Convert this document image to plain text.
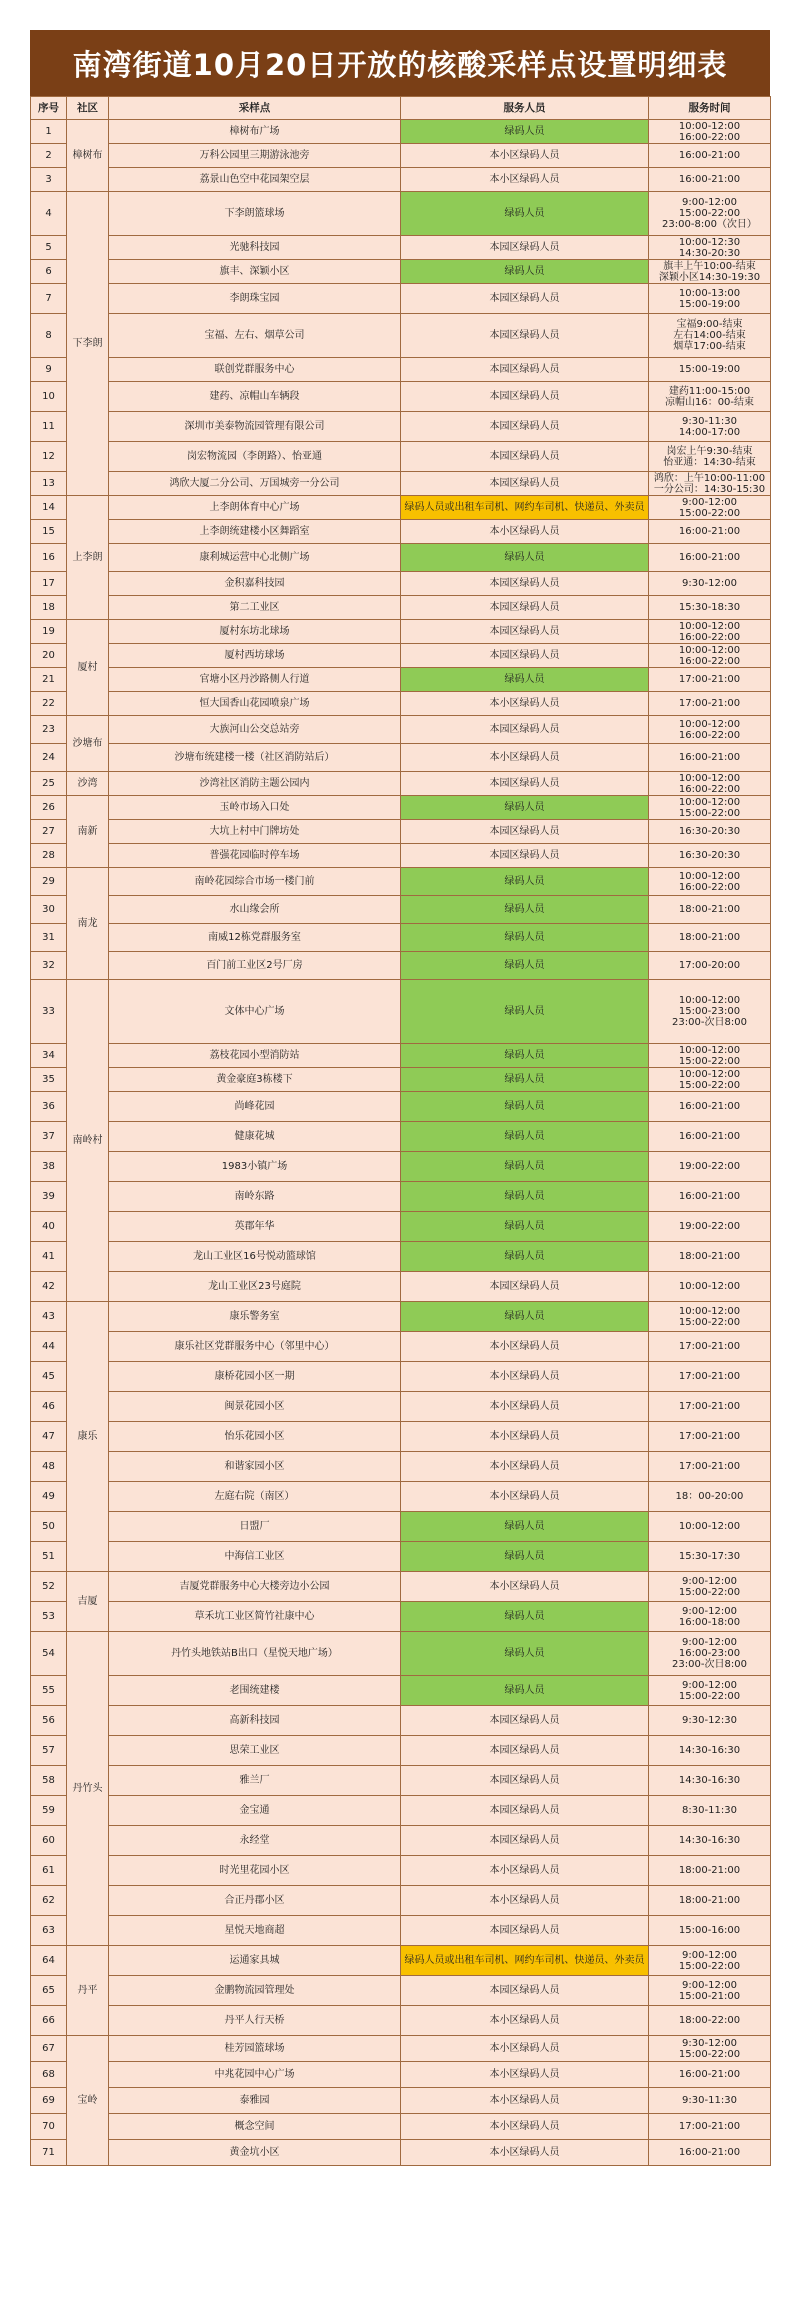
南湾街道10月20日开放的核酸采样点设置明细表
序号	社区	采样点	服务人员	服务时间
1	樟树布	樟树布广场	绿码人员	10:00-12:00
16:00-22:00
2		万科公园里三期游泳池旁	本小区绿码人员	16:00-21:00
3		荔景山色空中花园架空层	本小区绿码人员	16:00-21:00
4	下李朗	下李朗篮球场	绿码人员	9:00-12:00
15:00-22:00
23:00-8:00（次日）
5		光驰科技园	本园区绿码人员	10:00-12:30
14:30-20:30
6		旗丰、深颖小区	绿码人员	旗丰上午10:00-结束
深颖小区14:30-19:30
7		李朗珠宝园	本园区绿码人员	10:00-13:00
15:00-19:00
8		宝福、左右、烟草公司	本园区绿码人员	宝福9:00-结束
左右14:00-结束
烟草17:00-结束
9		联创党群服务中心	本园区绿码人员	15:00-19:00
10		建药、凉帽山车辆段	本园区绿码人员	建药11:00-15:00
凉帽山16：00-结束
11		深圳市美泰物流园管理有限公司	本园区绿码人员	9:30-11:30
14:00-17:00
12		岗宏物流园（李朗路）、怡亚通	本园区绿码人员	岗宏上午9:30-结束
怡亚通：14:30-结束
13		鸿欣大厦二分公司、万国城旁一分公司	本园区绿码人员	鸿欣：上午10:00-11:00
一分公司：14:30-15:30
14	上李朗	上李朗体育中心广场	绿码人员或出租车司机、网约车司机、快递员、外卖员	9:00-12:00
15:00-22:00
15		上李朗统建楼小区舞蹈室	本小区绿码人员	16:00-21:00
16		康利城运营中心北侧广场	绿码人员	16:00-21:00
17		金积嘉科技园	本园区绿码人员	9:30-12:00
18		第二工业区	本园区绿码人员	15:30-18:30
19	厦村	厦村东坊北球场	本园区绿码人员	10:00-12:00
16:00-22:00
20		厦村西坊球场	本园区绿码人员	10:00-12:00
16:00-22:00
21		官塘小区丹沙路侧人行道	绿码人员	17:00-21:00
22		恒大国香山花园喷泉广场	本小区绿码人员	17:00-21:00
23	沙塘布	大族河山公交总站旁	本园区绿码人员	10:00-12:00
16:00-22:00
24		沙塘布统建楼一楼（社区消防站后）	本小区绿码人员	16:00-21:00
25	沙湾	沙湾社区消防主题公园内	本园区绿码人员	10:00-12:00
16:00-22:00
26	南新	玉岭市场入口处	绿码人员	10:00-12:00
15:00-22:00
27		大坑上村中门牌坊处	本园区绿码人员	16:30-20:30
28		普强花园临时停车场	本园区绿码人员	16:30-20:30
29	南龙	南岭花园综合市场一楼门前	绿码人员	10:00-12:00
16:00-22:00
30		水山缘会所	绿码人员	18:00-21:00
31		南威12栋党群服务室	绿码人员	18:00-21:00
32		百门前工业区2号厂房	绿码人员	17:00-20:00
33	南岭村	文体中心广场	绿码人员	10:00-12:00
15:00-23:00
23:00-次日8:00
34		荔枝花园小型消防站	绿码人员	10:00-12:00
15:00-22:00
35		黄金豪庭3栋楼下	绿码人员	10:00-12:00
15:00-22:00
36		尚峰花园	绿码人员	16:00-21:00
37		健康花城	绿码人员	16:00-21:00
38		1983小镇广场	绿码人员	19:00-22:00
39		南岭东路	绿码人员	16:00-21:00
40		英郡年华	绿码人员	19:00-22:00
41		龙山工业区16号悦动篮球馆	绿码人员	18:00-21:00
42		龙山工业区23号庭院	本园区绿码人员	10:00-12:00
43	康乐	康乐警务室	绿码人员	10:00-12:00
15:00-22:00
44		康乐社区党群服务中心（邻里中心）	本小区绿码人员	17:00-21:00
45		康桥花园小区一期	本小区绿码人员	17:00-21:00
46		闽景花园小区	本小区绿码人员	17:00-21:00
47		怡乐花园小区	本小区绿码人员	17:00-21:00
48		和谐家园小区	本小区绿码人员	17:00-21:00
49		左庭右院（南区）	本小区绿码人员	18：00-20:00
50		日盟厂	绿码人员	10:00-12:00
51		中海信工业区	绿码人员	15:30-17:30
52	吉厦	吉厦党群服务中心大楼旁边小公园	本小区绿码人员	9:00-12:00
15:00-22:00
53		草禾坑工业区简竹社康中心	绿码人员	9:00-12:00
16:00-18:00
54	丹竹头	丹竹头地铁站B出口（星悦天地广场）	绿码人员	9:00-12:00
16:00-23:00
23:00-次日8:00
55		老围统建楼	绿码人员	9:00-12:00
15:00-22:00
56		高新科技园	本园区绿码人员	9:30-12:30
57		思荣工业区	本园区绿码人员	14:30-16:30
58		雅兰厂	本园区绿码人员	14:30-16:30
59		金宝通	本园区绿码人员	8:30-11:30
60		永经堂	本园区绿码人员	14:30-16:30
61		时光里花园小区	本小区绿码人员	18:00-21:00
62		合正丹郡小区	本小区绿码人员	18:00-21:00
63		星悦天地商超	本园区绿码人员	15:00-16:00
64	丹平	运通家具城	绿码人员或出租车司机、网约车司机、快递员、外卖员	9:00-12:00
15:00-22:00
65		金鹏物流园管理处	本园区绿码人员	9:00-12:00
15:00-21:00
66		丹平人行天桥	本小区绿码人员	18:00-22:00
67	宝岭	桂芳园篮球场	本小区绿码人员	9:30-12:00
15:00-22:00
68		中兆花园中心广场	本小区绿码人员	16:00-21:00
69		泰雅园	本小区绿码人员	9:30-11:30
70		概念空间	本小区绿码人员	17:00-21:00
71		黄金坑小区	本小区绿码人员	16:00-21:00
